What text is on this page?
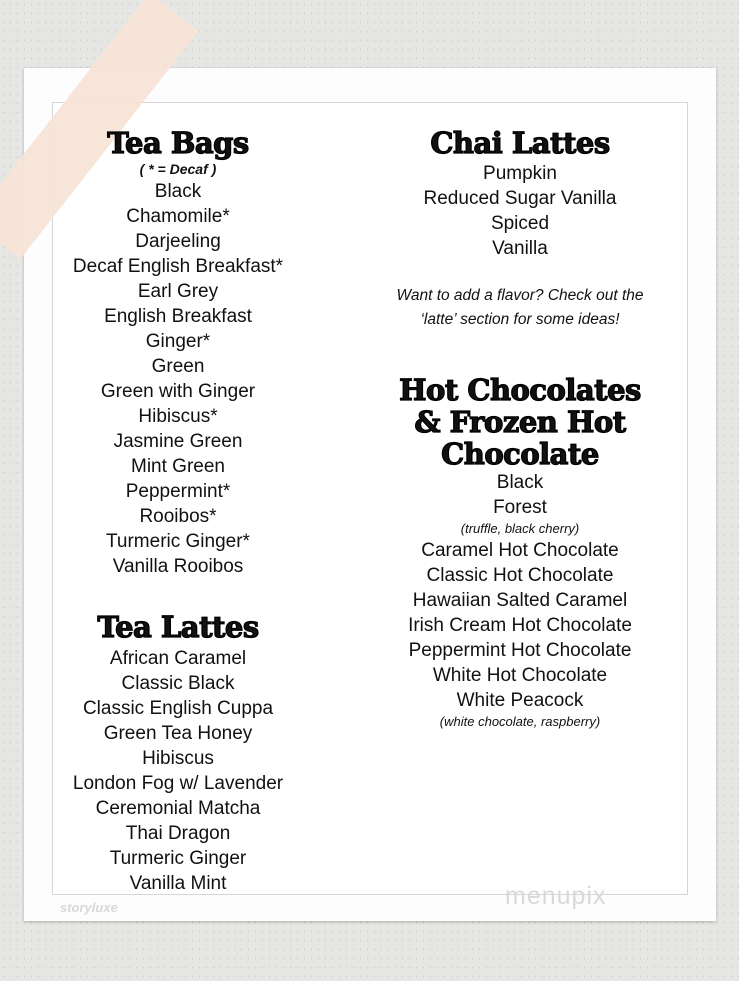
Tea Bags
( * = Decaf )
Black
Chamomile*
Darjeeling
Decaf English Breakfast*
Earl Grey
English Breakfast
Ginger*
Green
Green with Ginger
Hibiscus*
Jasmine Green
Mint Green
Peppermint*
Rooibos*
Turmeric Ginger*
Vanilla Rooibos
Tea Lattes
African Caramel
Classic Black
Classic English Cuppa
Green Tea Honey
Hibiscus
London Fog w/ Lavender
Ceremonial Matcha
Thai Dragon
Turmeric Ginger
Vanilla Mint
Chai Lattes
Pumpkin
Reduced Sugar Vanilla
Spiced
Vanilla
Want to add a flavor? Check out the
‘latte’ section for some ideas!
Hot Chocolates
& Frozen Hot
Chocolate
Black
Forest
(truffle, black cherry)
Caramel Hot Chocolate
Classic Hot Chocolate
Hawaiian Salted Caramel
Irish Cream Hot Chocolate
Peppermint Hot Chocolate
White Hot Chocolate
White Peacock
(white chocolate, raspberry)
storyluxe	menupix
